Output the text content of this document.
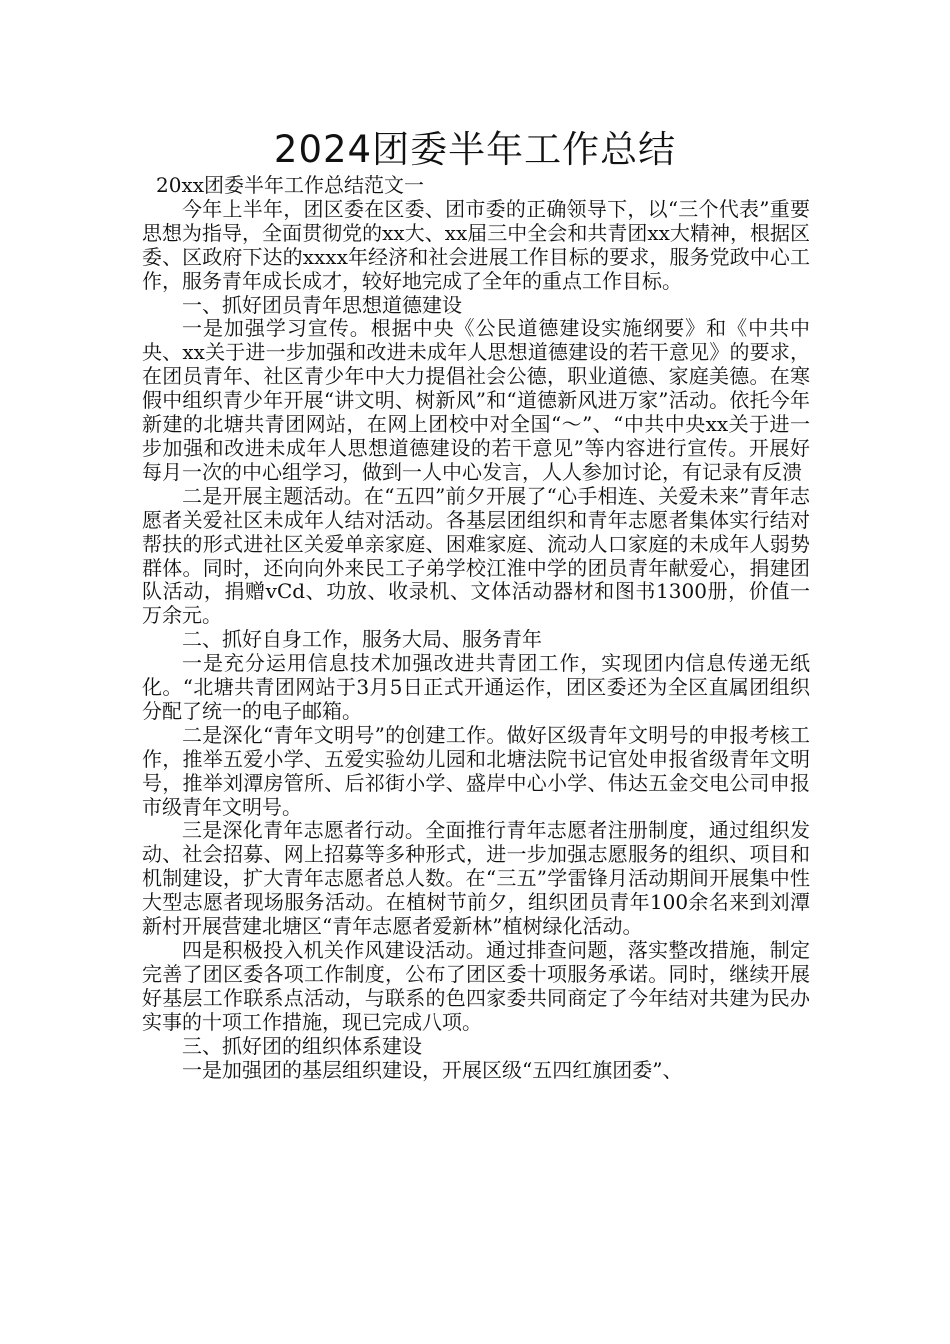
2024团委半年工作总结

20xx团委半年工作总结范文一

今年上半年，团区委在区委、团市委的正确领导下，以“三个代表”重要思想为指导，全面贯彻党的xx大、xx届三中全会和共青团xx大精神，根据区委、区政府下达的xxxx年经济和社会进展工作目标的要求，服务党政中心工作，服务青年成长成才，较好地完成了全年的重点工作目标。

一、抓好团员青年思想道德建设

一是加强学习宣传。根据中央《公民道德建设实施纲要》和《中共中央、xx关于进一步加强和改进未成年人思想道德建设的若干意见》的要求，在团员青年、社区青少年中大力提倡社会公德，职业道德、家庭美德。在寒假中组织青少年开展“讲文明、树新风”和“道德新风进万家”活动。依托今年新建的北塘共青团网站，在网上团校中对全国“～”、“中共中央xx关于进一步加强和改进未成年人思想道德建设的若干意见”等内容进行宣传。开展好每月一次的中心组学习，做到一人中心发言，人人参加讨论，有记录有反溃

二是开展主题活动。在“五四”前夕开展了“心手相连、关爱未来”青年志愿者关爱社区未成年人结对活动。各基层团组织和青年志愿者集体实行结对帮扶的形式进社区关爱单亲家庭、困难家庭、流动人口家庭的未成年人弱势群体。同时，还向向外来民工子弟学校江淮中学的团员青年献爱心，捐建团队活动，捐赠vCd、功放、收录机、文体活动器材和图书1300册，价值一万余元。

二、抓好自身工作，服务大局、服务青年

一是充分运用信息技术加强改进共青团工作，实现团内信息传递无纸化。“北塘共青团网站于3月5日正式开通运作，团区委还为全区直属团组织分配了统一的电子邮箱。

二是深化“青年文明号”的创建工作。做好区级青年文明号的申报考核工作，推举五爱小学、五爱实验幼儿园和北塘法院书记官处申报省级青年文明号，推举刘潭房管所、后祁街小学、盛岸中心小学、伟达五金交电公司申报市级青年文明号。

三是深化青年志愿者行动。全面推行青年志愿者注册制度，通过组织发动、社会招募、网上招募等多种形式，进一步加强志愿服务的组织、项目和机制建设，扩大青年志愿者总人数。在“三五”学雷锋月活动期间开展集中性大型志愿者现场服务活动。在植树节前夕，组织团员青年100余名来到刘潭新村开展营建北塘区“青年志愿者爱新林”植树绿化活动。

四是积极投入机关作风建设活动。通过排查问题，落实整改措施，制定完善了团区委各项工作制度，公布了团区委十项服务承诺。同时，继续开展好基层工作联系点活动，与联系的色四家委共同商定了今年结对共建为民办实事的十项工作措施，现已完成八项。

三、抓好团的组织体系建设

一是加强团的基层组织建设，开展区级“五四红旗团委”、
